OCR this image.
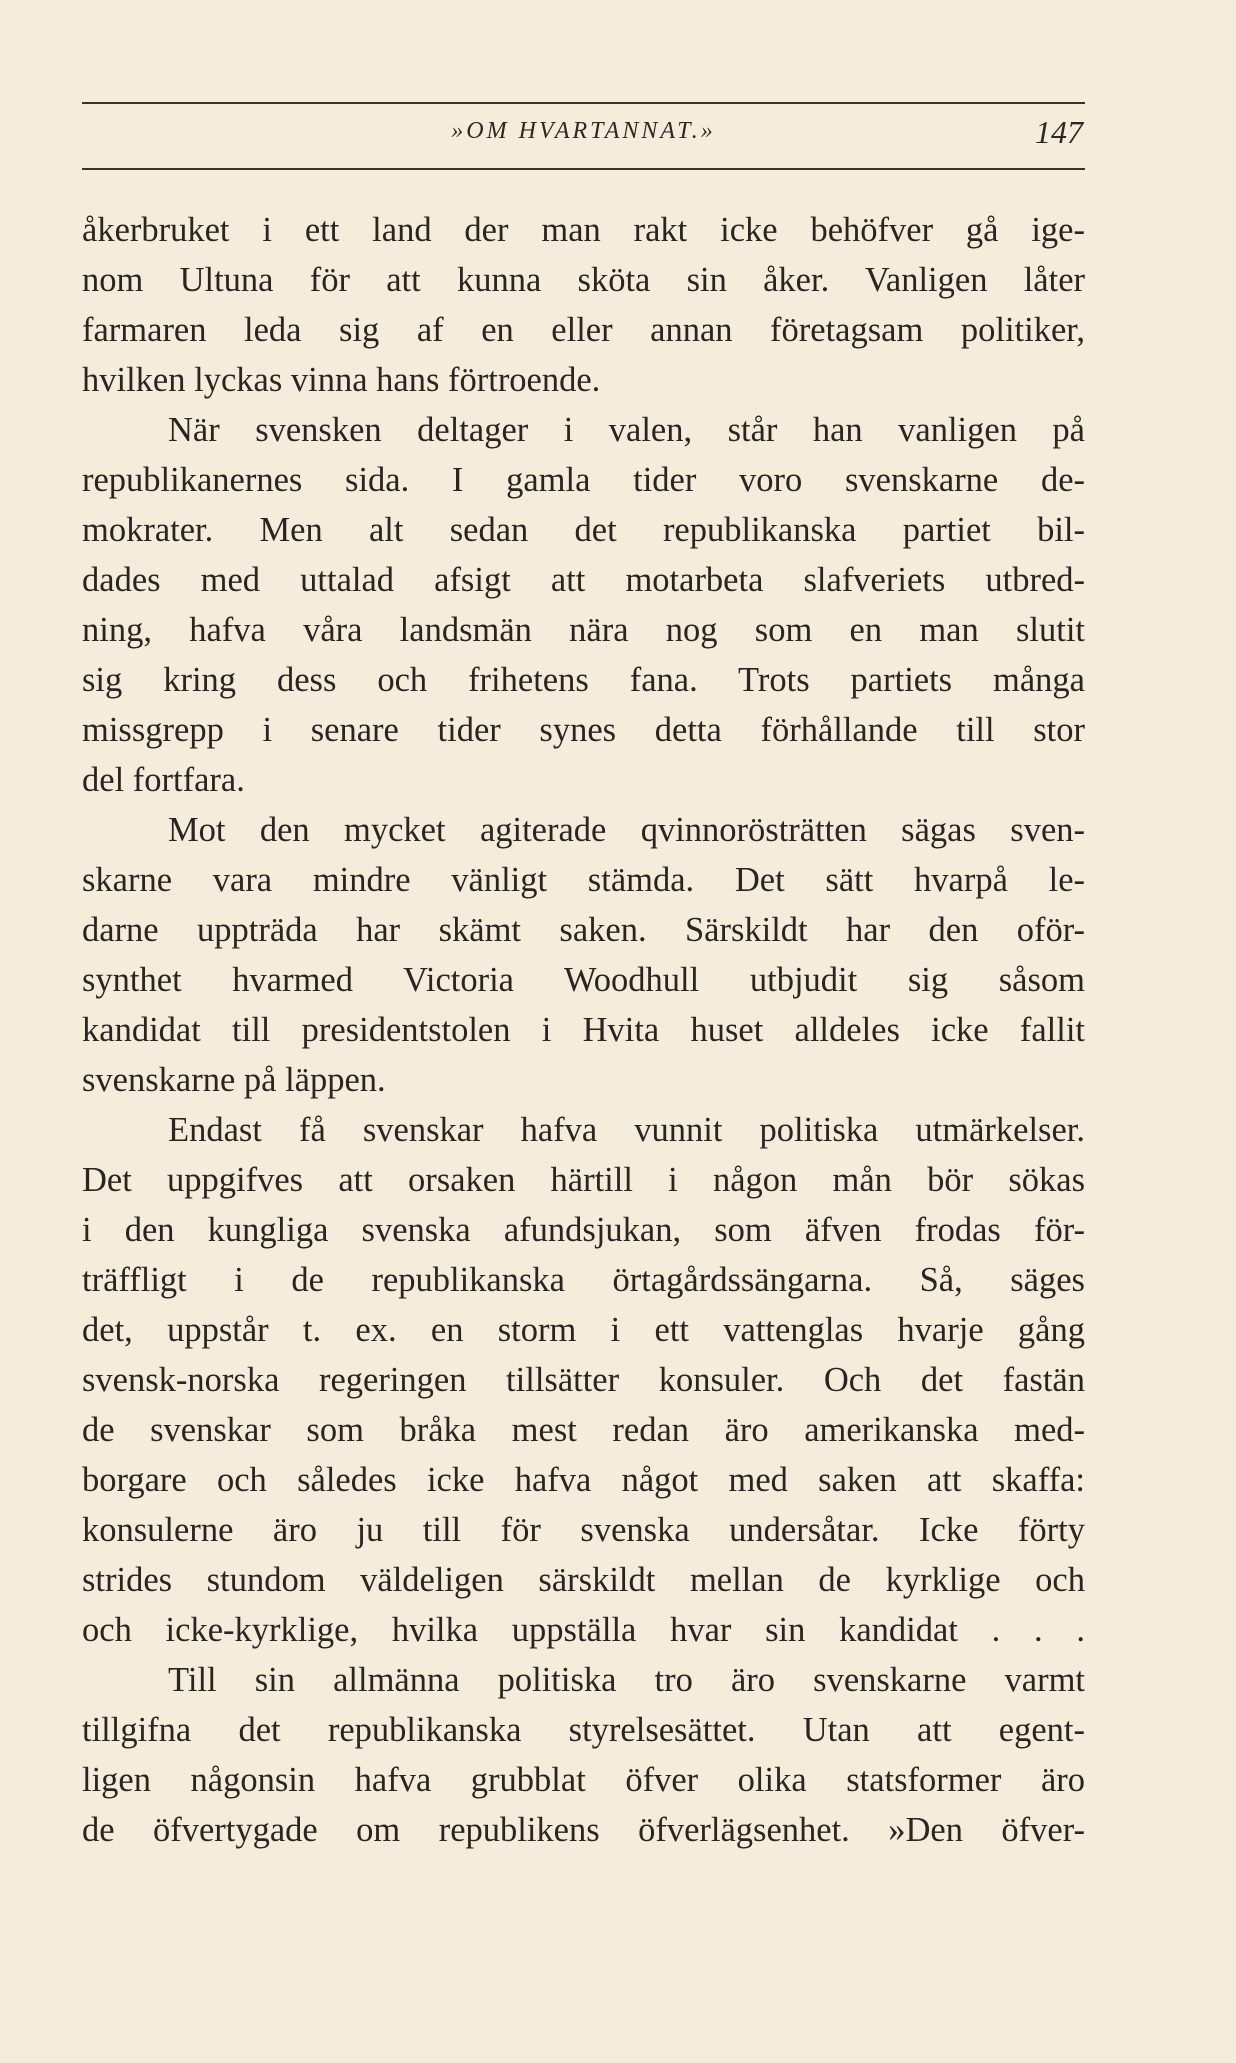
»OM HVARTANNAT.»	147
åkerbruket i ett land der man rakt icke behöfver gå ige-
nom Ultuna för att kunna sköta sin åker. Vanligen låter
farmaren leda sig af en eller annan företagsam politiker,
hvilken lyckas vinna hans förtroende.
När svensken deltager i valen, står han vanligen på
republikanernes sida. I gamla tider voro svenskarne de-
mokrater. Men alt sedan det republikanska partiet bil-
dades med uttalad afsigt att motarbeta slafveriets utbred-
ning, hafva våra landsmän nära nog som en man slutit
sig kring dess och frihetens fana. Trots partiets många
missgrepp i senare tider synes detta förhållande till stor
del fortfara.
Mot den mycket agiterade qvinnorösträtten sägas sven-
skarne vara mindre vänligt stämda. Det sätt hvarpå le-
darne uppträda har skämt saken. Särskildt har den oför-
synthet hvarmed Victoria Woodhull utbjudit sig såsom
kandidat till presidentstolen i Hvita huset alldeles icke fallit
svenskarne på läppen.
Endast få svenskar hafva vunnit politiska utmärkelser.
Det uppgifves att orsaken härtill i någon mån bör sökas
i den kungliga svenska afundsjukan, som äfven frodas för-
träffligt i de republikanska örtagårdssängarna. Så, säges
det, uppstår t. ex. en storm i ett vattenglas hvarje gång
svensk-norska regeringen tillsätter konsuler. Och det fastän
de svenskar som bråka mest redan äro amerikanska med-
borgare och således icke hafva något med saken att skaffa:
konsulerne äro ju till för svenska undersåtar. Icke förty
strides stundom väldeligen särskildt mellan de kyrklige och
och icke-kyrklige, hvilka uppställa hvar sin kandidat . . .
Till sin allmänna politiska tro äro svenskarne varmt
tillgifna det republikanska styrelsesättet. Utan att egent-
ligen någonsin hafva grubblat öfver olika statsformer äro
de öfvertygade om republikens öfverlägsenhet. »Den öfver-
